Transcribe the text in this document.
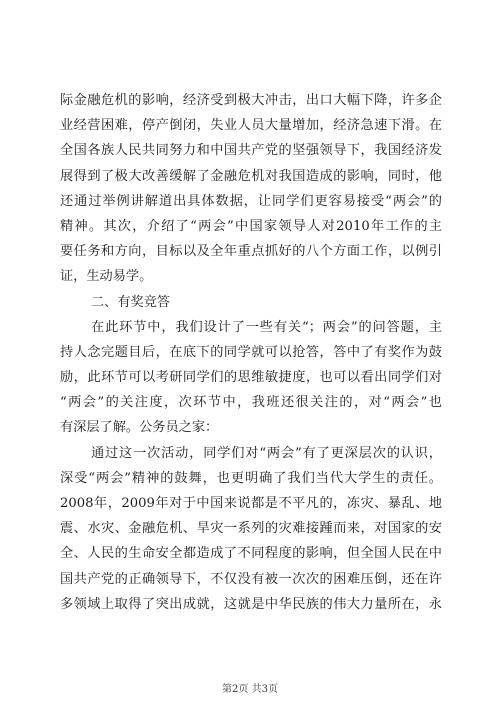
际金融危机的影响，经济受到极大冲击，出口大幅下降，许多企
业经营困难，停产倒闭，失业人员大量增加，经济急速下滑。在
全国各族人民共同努力和中国共产党的坚强领导下，我国经济发
展得到了极大改善缓解了金融危机对我国造成的影响，同时，他
还通过举例讲解道出具体数据，让同学们更容易接受“两会”的
精神。其次，介绍了“两会”中国家领导人对2010年工作的主
要任务和方向，目标以及全年重点抓好的八个方面工作，以例引
证，生动易学。
二、有奖竞答
在此环节中，我们设计了一些有关“；两会”的问答题，主
持人念完题目后，在底下的同学就可以抢答，答中了有奖作为鼓
励，此环节可以考研同学们的思维敏捷度，也可以看出同学们对
“两会”的关注度，次环节中，我班还很关注的，对“两会”也
有深层了解。公务员之家：
通过这一次活动，同学们对“两会”有了更深层次的认识，
深受“两会”精神的鼓舞，也更明确了我们当代大学生的责任。
2008年，2009年对于中国来说都是不平凡的，冻灾、暴乱、地
震、水灾、金融危机、旱灾一系列的灾难接踵而来，对国家的安
全、人民的生命安全都造成了不同程度的影响，但全国人民在中
国共产党的正确领导下，不仅没有被一次次的困难压倒，还在许
多领域上取得了突出成就，这就是中华民族的伟大力量所在，永
第2页 共3页
